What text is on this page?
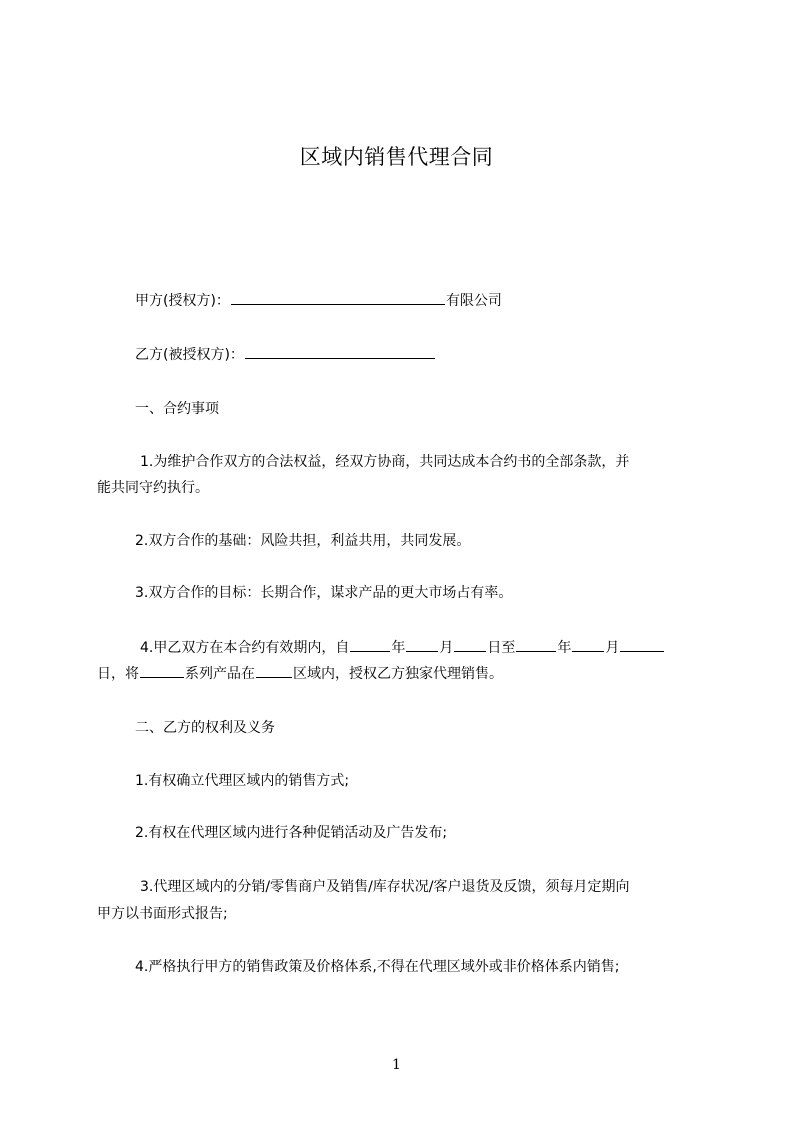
区域内销售代理合同
甲方(授权方)：	有限公司
乙方(被授权方)：
一、合约事项
1.为维护合作双方的合法权益，经双方协商，共同达成本合约书的全部条款，并
能共同守约执行。
2.双方合作的基础：风险共担，利益共用，共同发展。
3.双方合作的目标：长期合作，谋求产品的更大市场占有率。
4.甲乙双方在本合约有效期内，自	年 月 日至	年 月
日，将	系列产品在	区域内，授权乙方独家代理销售。
二、乙方的权利及义务
1.有权确立代理区域内的销售方式;
2.有权在代理区域内进行各种促销活动及广告发布;
3.代理区域内的分销/零售商户及销售/库存状况/客户退货及反馈，须每月定期向
甲方以书面形式报告;
4.严格执行甲方的销售政策及价格体系,不得在代理区域外或非价格体系内销售;
1
